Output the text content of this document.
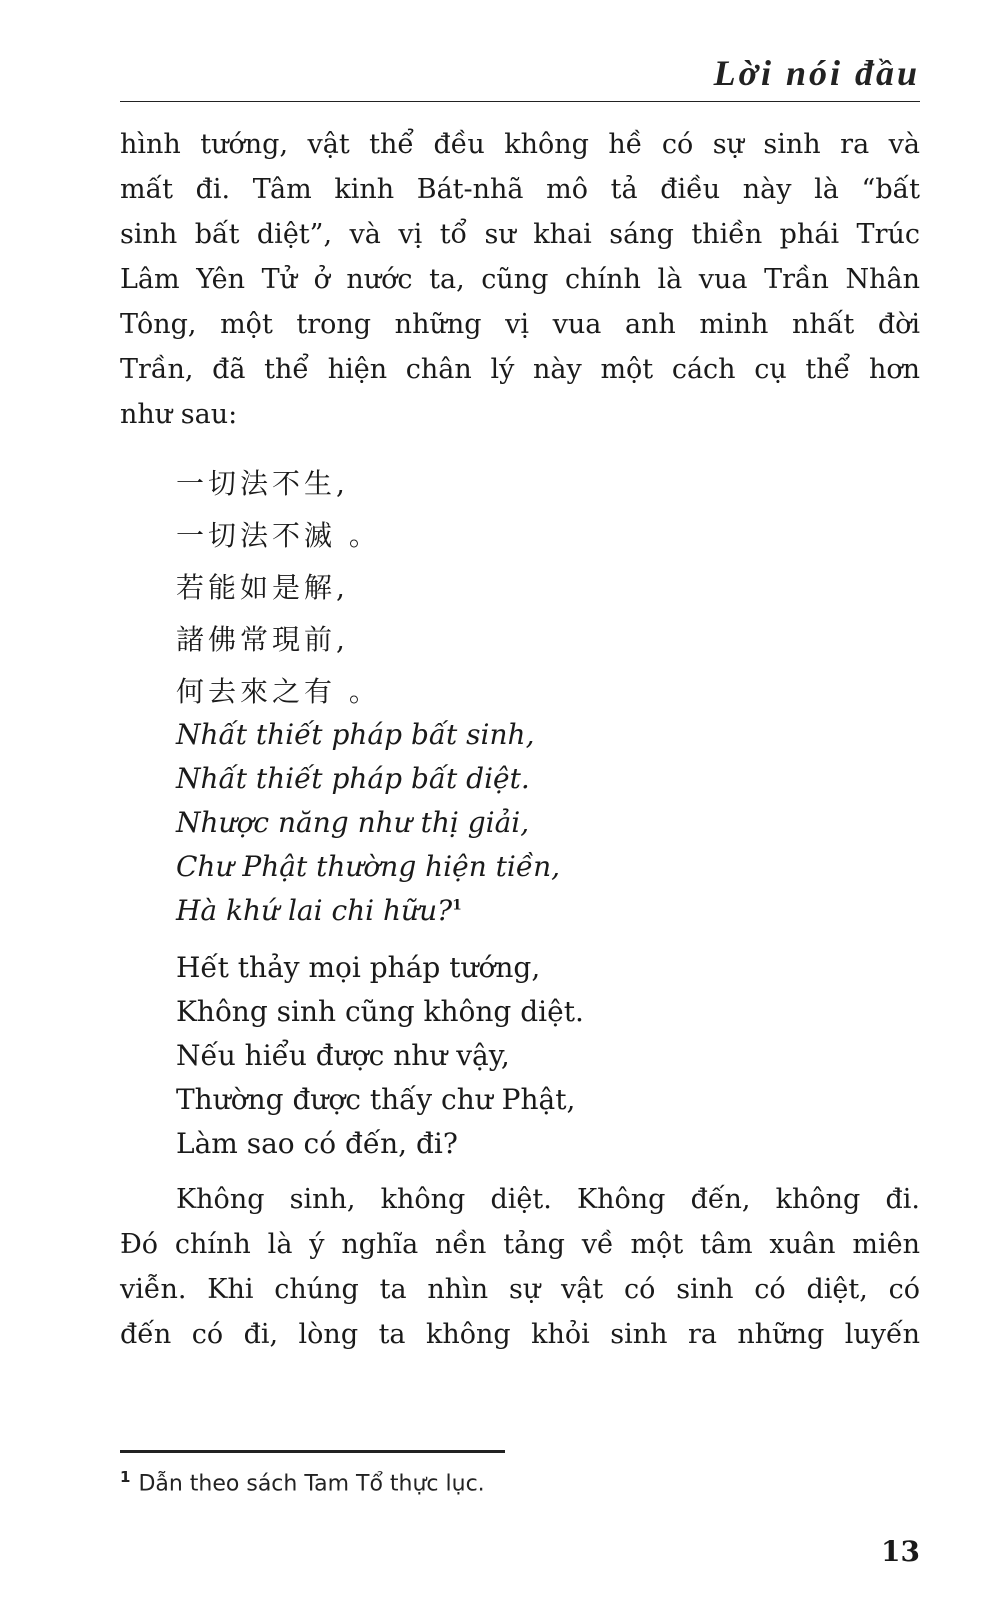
Lời nói đầu
hình tướng, vật thể đều không hề có sự sinh ra và
mất đi. Tâm kinh Bát-nhã mô tả điều này là “bất
sinh bất diệt”, và vị tổ sư khai sáng thiền phái Trúc
Lâm Yên Tử ở nước ta, cũng chính là vua Trần Nhân
Tông, một trong những vị vua anh minh nhất đời
Trần, đã thể hiện chân lý này một cách cụ thể hơn
như sau:
一切法不生,
一切法不滅 。
若能如是解,
諸佛常現前,
何去來之有 。
Nhất thiết pháp bất sinh,
Nhất thiết pháp bất diệt.
Nhược năng như thị giải,
Chư Phật thường hiện tiền,
Hà khứ lai chi hữu?$^1$
Hết thảy mọi pháp tướng,
Không sinh cũng không diệt.
Nếu hiểu được như vậy,
Thường được thấy chư Phật,
Làm sao có đến, đi?
Không sinh, không diệt. Không đến, không đi.
Đó chính là ý nghĩa nền tảng về một tâm xuân miên
viễn. Khi chúng ta nhìn sự vật có sinh có diệt, có
đến có đi, lòng ta không khỏi sinh ra những luyến
$^1$ Dẫn theo sách Tam Tổ thực lục.
13
